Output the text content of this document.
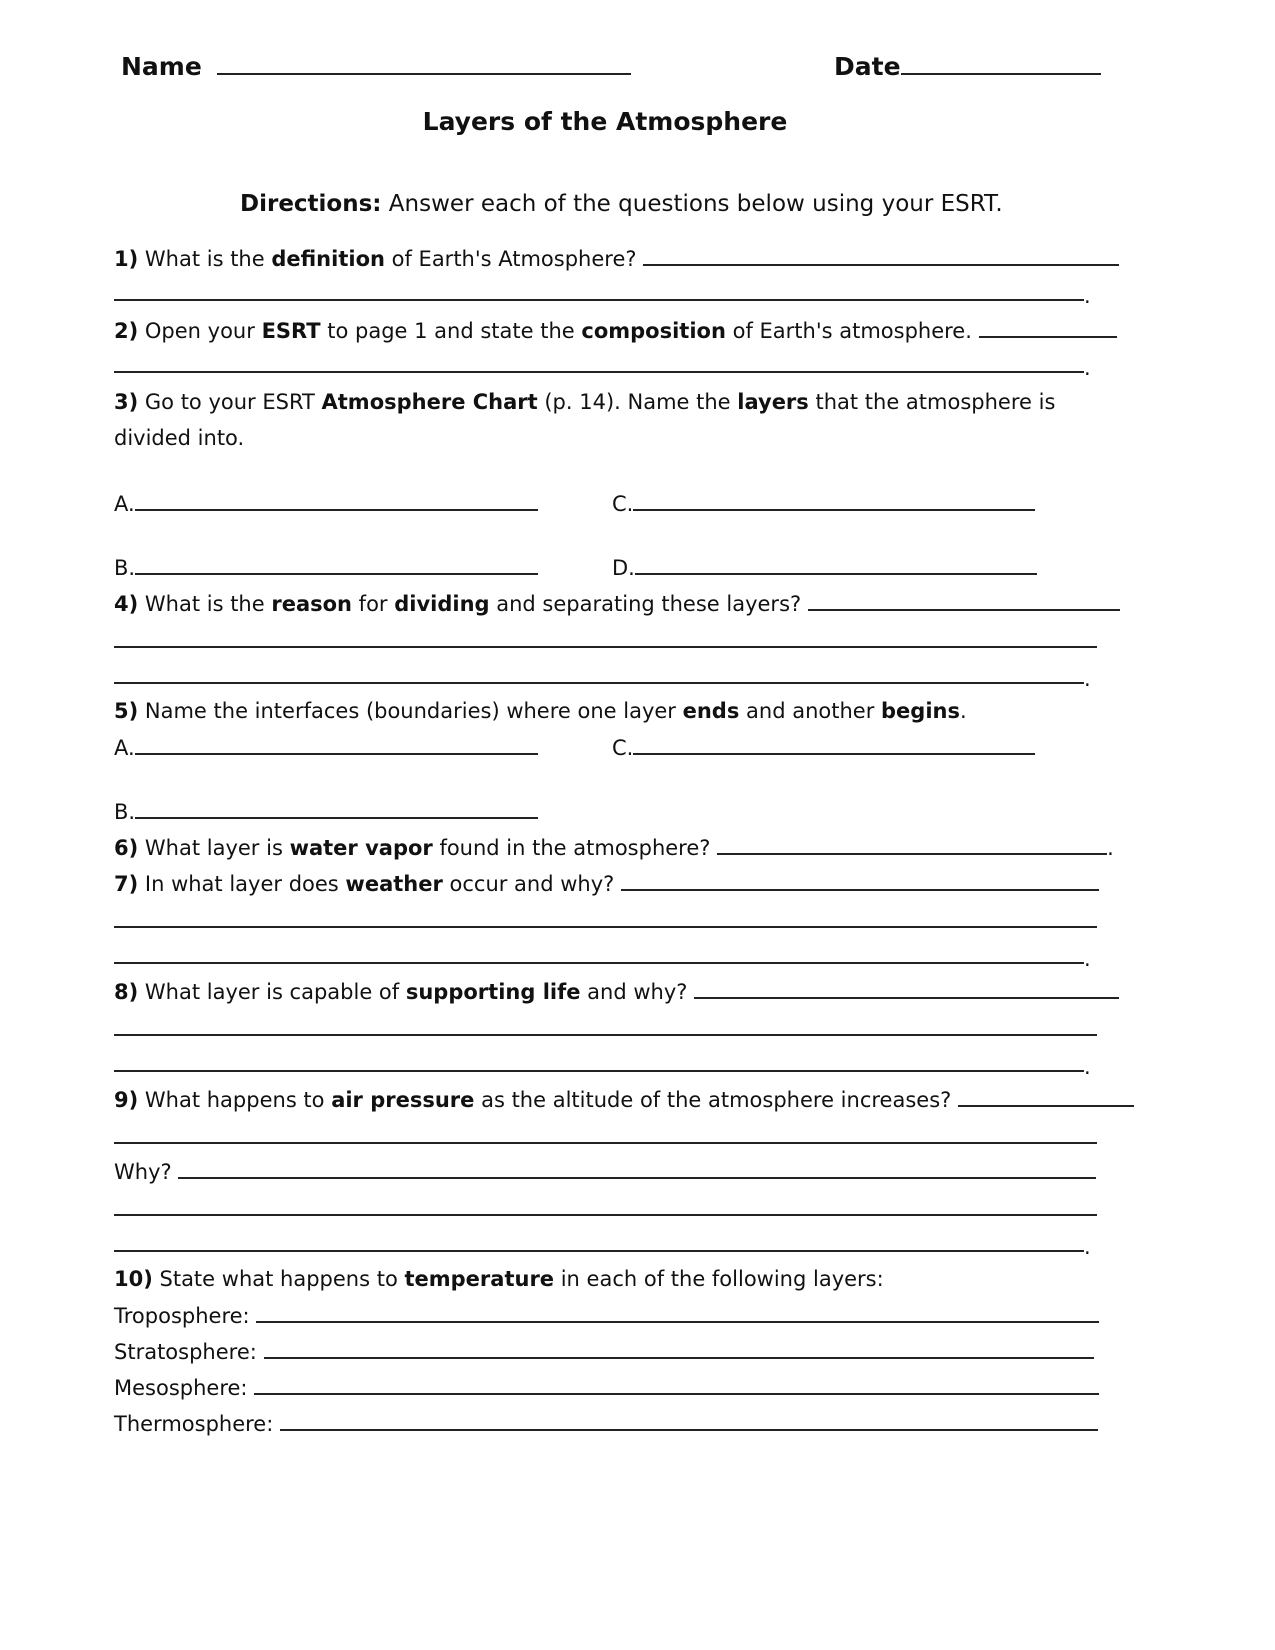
Name	Date
Layers of the Atmosphere
Directions: Answer each of the questions below using your ESRT.
1) What is the definition of Earth's Atmosphere?
.
2) Open your ESRT to page 1 and state the composition of Earth's atmosphere.
.
3) Go to your ESRT Atmosphere Chart (p. 14). Name the layers that the atmosphere is
divided into.
A.	C.
B.	D.
4) What is the reason for dividing and separating these layers?
.
5) Name the interfaces (boundaries) where one layer ends and another begins.
A.	C.
B.
6) What layer is water vapor found in the atmosphere?	.
7) In what layer does weather occur and why?
.
8) What layer is capable of supporting life and why?
.
9) What happens to air pressure as the altitude of the atmosphere increases?
Why?
.
10) State what happens to temperature in each of the following layers:
Troposphere:
Stratosphere:
Mesosphere:
Thermosphere:
